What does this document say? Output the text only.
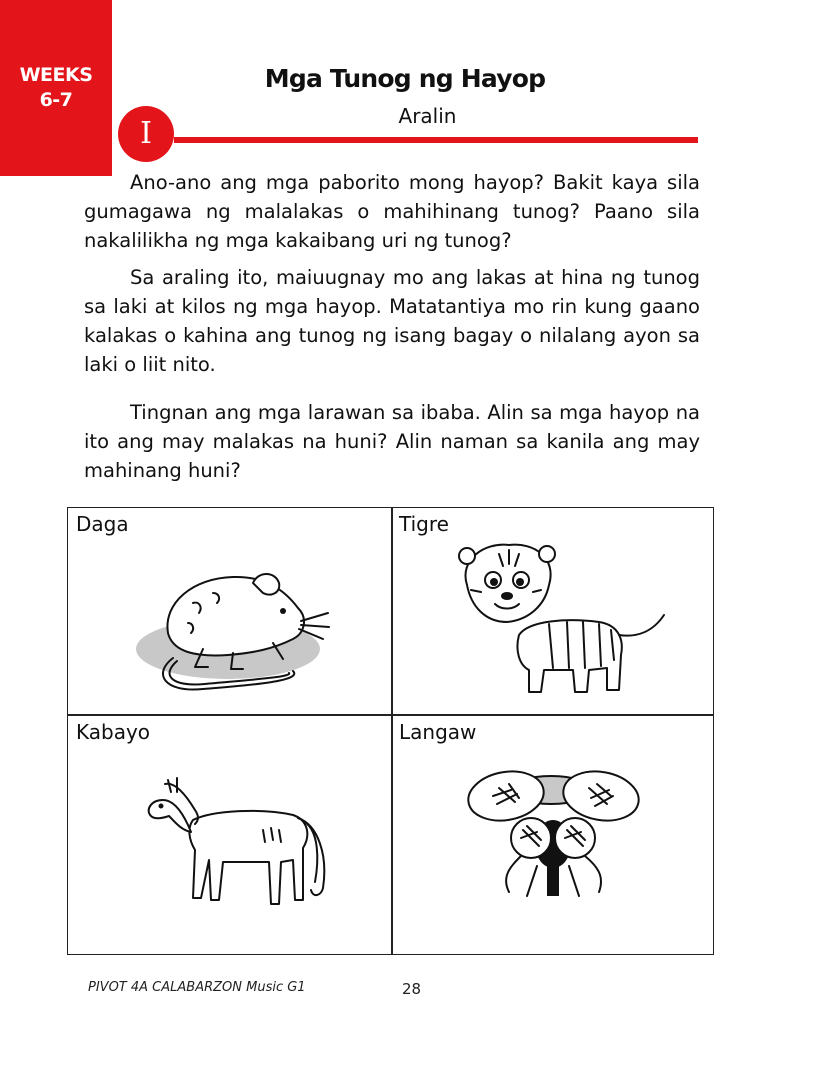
WEEKS
6-7
Mga Tunog ng Hayop
Aralin
I

Ano-ano ang mga paborito mong hayop? Bakit kaya sila gumagawa ng malalakas o mahihinang tunog? Paano sila nakalilikha ng mga kakaibang uri ng tunog?

Sa araling ito, maiuugnay mo ang lakas at hina ng tunog sa laki at kilos ng mga hayop. Matatantiya mo rin kung gaano kalakas o kahina ang tunog ng isang bagay o nilalang ayon sa laki o liit nito.

Tingnan ang mga larawan sa ibaba. Alin sa mga hayop na ito ang may malakas na huni? Alin naman sa kanila ang may mahinang huni?

Daga	Tigre
Kabayo	Langaw
PIVOT 4A CALABARZON Music G1	28
